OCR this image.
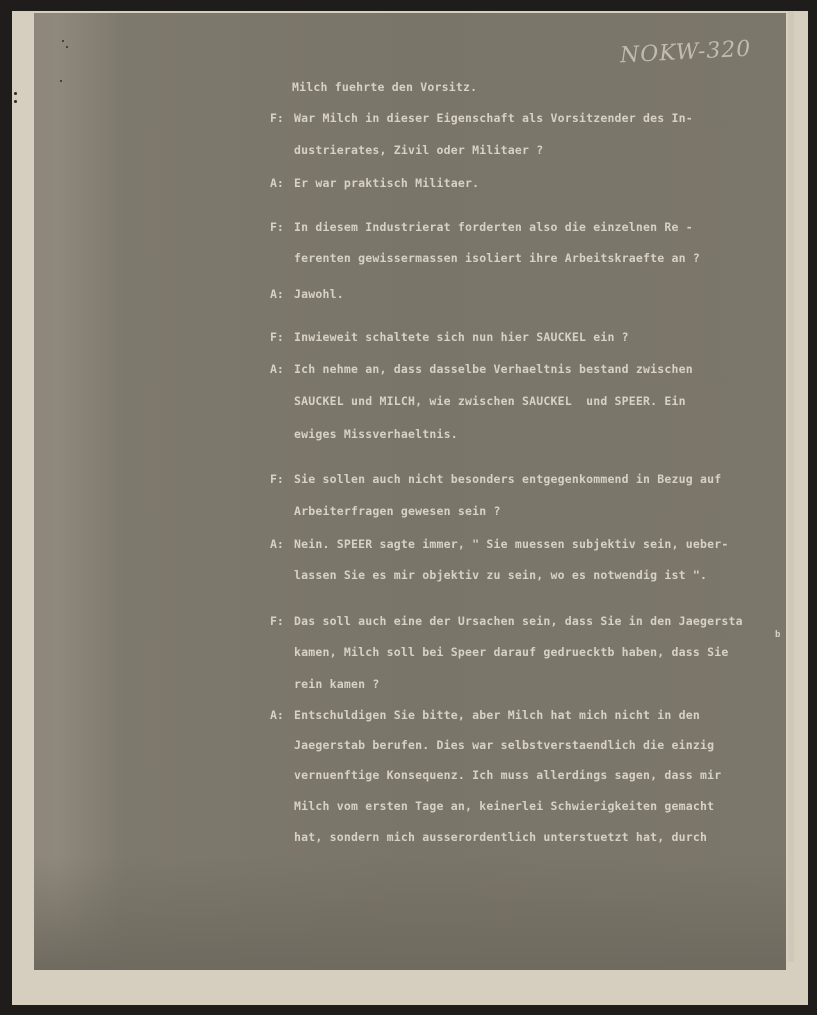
NOKW-320
Milch fuehrte den Vorsitz.
F: War Milch in dieser Eigenschaft als Vorsitzender des In-
dustrierates, Zivil oder Militaer ?
A: Er war praktisch Militaer.
F: In diesem Industrierat forderten also die einzelnen Re -
ferenten gewissermassen isoliert ihre Arbeitskraefte an ?
A: Jawohl.
F: Inwieweit schaltete sich nun hier SAUCKEL ein ?
A: Ich nehme an, dass dasselbe Verhaeltnis bestand zwischen
SAUCKEL und MILCH, wie zwischen SAUCKEL  und SPEER. Ein
ewiges Missverhaeltnis.
F: Sie sollen auch nicht besonders entgegenkommend in Bezug auf
Arbeiterfragen gewesen sein ?
A: Nein. SPEER sagte immer, " Sie muessen subjektiv sein, ueber-
lassen Sie es mir objektiv zu sein, wo es notwendig ist ".
F: Das soll auch eine der Ursachen sein, dass Sie in den Jaegersta
b
kamen, Milch soll bei Speer darauf gedruecktb haben, dass Sie
rein kamen ?
A: Entschuldigen Sie bitte, aber Milch hat mich nicht in den
Jaegerstab berufen. Dies war selbstverstaendlich die einzig
vernuenftige Konsequenz. Ich muss allerdings sagen, dass mir
Milch vom ersten Tage an, keinerlei Schwierigkeiten gemacht
hat, sondern mich ausserordentlich unterstuetzt hat, durch
